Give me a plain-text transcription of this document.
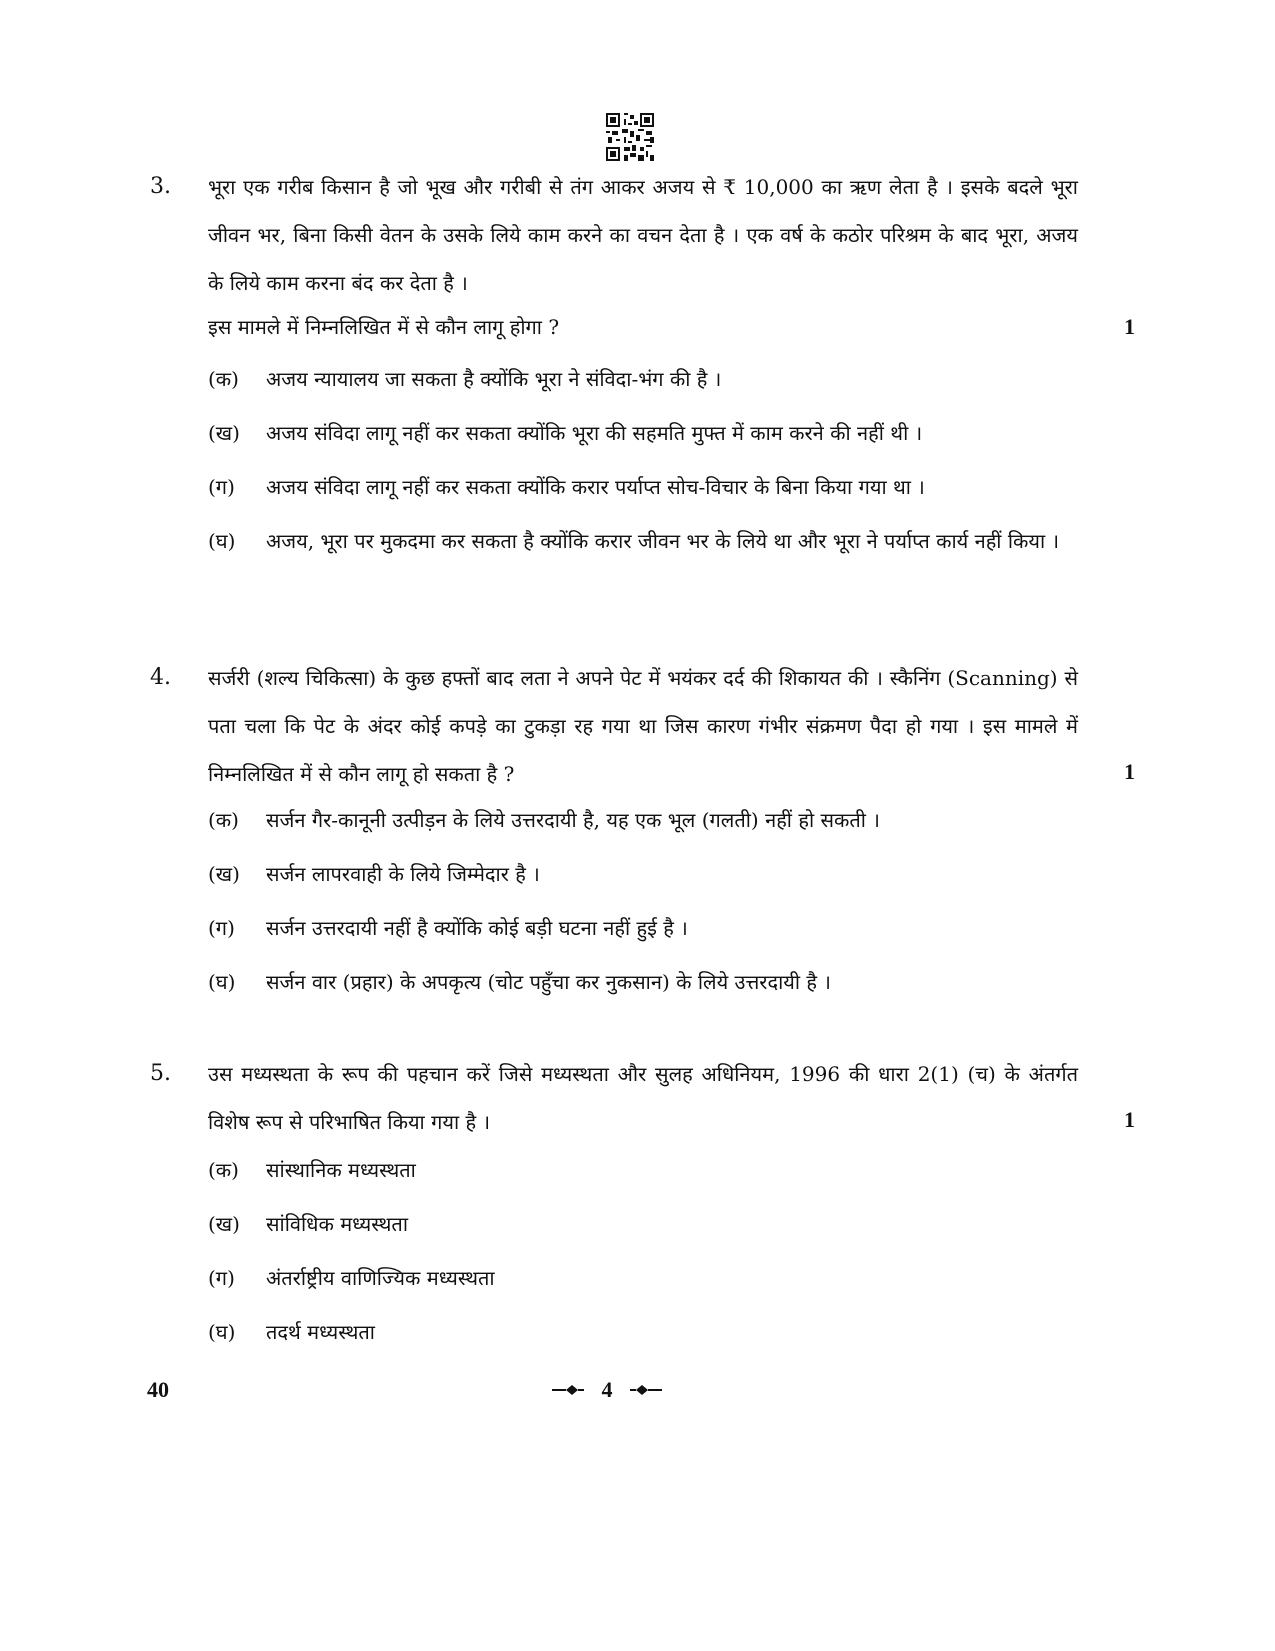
3. भूरा एक गरीब किसान है जो भूख और गरीबी से तंग आकर अजय से ₹ 10,000 का ऋण लेता है । इसके बदले भूरा जीवन भर, बिना किसी वेतन के उसके लिये काम करने का वचन देता है । एक वर्ष के कठोर परिश्रम के बाद भूरा, अजय के लिये काम करना बंद कर देता है ।
इस मामले में निम्नलिखित में से कौन लागू होगा ?	1
(क)	अजय न्यायालय जा सकता है क्योंकि भूरा ने संविदा-भंग की है ।
(ख)	अजय संविदा लागू नहीं कर सकता क्योंकि भूरा की सहमति मुफ्त में काम करने की नहीं थी ।
(ग)	अजय संविदा लागू नहीं कर सकता क्योंकि करार पर्याप्त सोच-विचार के बिना किया गया था ।
(घ)	अजय, भूरा पर मुकदमा कर सकता है क्योंकि करार जीवन भर के लिये था और भूरा ने पर्याप्त कार्य नहीं किया ।
4. सर्जरी (शल्य चिकित्सा) के कुछ हफ्तों बाद लता ने अपने पेट में भयंकर दर्द की शिकायत की । स्कैनिंग (Scanning) से पता चला कि पेट के अंदर कोई कपड़े का टुकड़ा रह गया था जिस कारण गंभीर संक्रमण पैदा हो गया । इस मामले में निम्नलिखित में से कौन लागू हो सकता है ?	1
(क)	सर्जन गैर-कानूनी उत्पीड़न के लिये उत्तरदायी है, यह एक भूल (गलती) नहीं हो सकती ।
(ख)	सर्जन लापरवाही के लिये जिम्मेदार है ।
(ग)	सर्जन उत्तरदायी नहीं है क्योंकि कोई बड़ी घटना नहीं हुई है ।
(घ)	सर्जन वार (प्रहार) के अपकृत्य (चोट पहुँचा कर नुकसान) के लिये उत्तरदायी है ।
5. उस मध्यस्थता के रूप की पहचान करें जिसे मध्यस्थता और सुलह अधिनियम, 1996 की धारा 2(1) (च) के अंतर्गत विशेष रूप से परिभाषित किया गया है ।	1
(क)	सांस्थानिक मध्यस्थता
(ख)	सांविधिक मध्यस्थता
(ग)	अंतर्राष्ट्रीय वाणिज्यिक मध्यस्थता
(घ)	तदर्थ मध्यस्थता
40	4
